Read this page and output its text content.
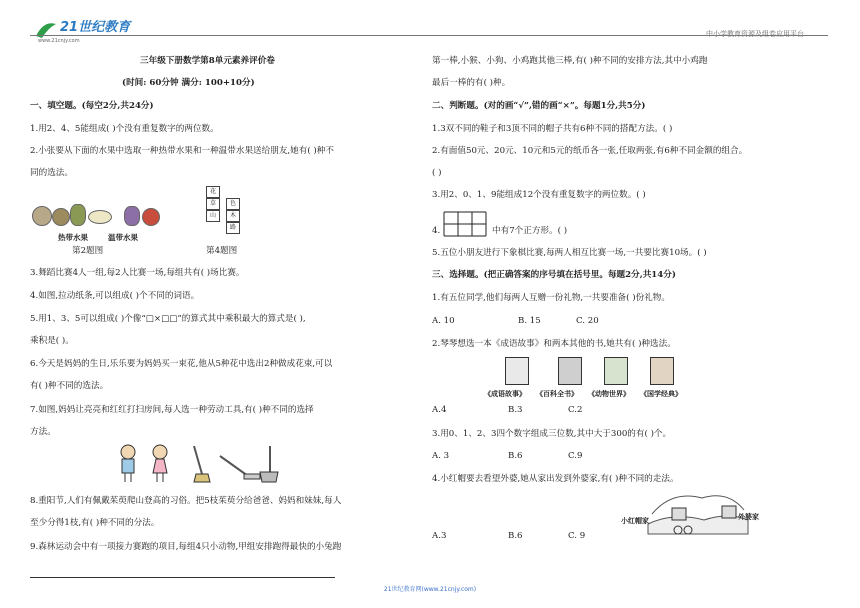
21世纪教育
www.21cnjy.com
中小学教育资源及组卷应用平台
三年级下册数学第8单元素养评价卷
(时间: 60分钟 满分: 100+10分)
一、填空题。(每空2分,共24分)
1.用2、4、5能组成( )个没有重复数字的两位数。
2.小张要从下面的水果中选取一种热带水果和一种温带水果送给朋友,她有( )种不
同的选法。
热带水果	温带水果
第2题图
花
草	色
山	木
路
第4题图
3.舞蹈比赛4人一组,每2人比赛一场,每组共有( )场比赛。
4.如图,拉动纸条,可以组成( )个不同的词语。
5.用1、3、5可以组成( )个像“□×□□”的算式其中乘积最大的算式是( ),
乘积是( )。
6.今天是妈妈的生日,乐乐要为妈妈买一束花,他从5种花中选出2种做成花束,可以
有( )种不同的选法。
7.如图,妈妈让亮亮和红红打扫房间,每人选一种劳动工具,有( )种不同的选择
方法。
8.重阳节,人们有佩戴茱萸爬山登高的习俗。把5枝茱萸分给爸爸、妈妈和妹妹,每人
至少分得1枝,有( )种不同的分法。
9.森林运动会中有一项接力赛跑的项目,每组4只小动物,甲组安排跑得最快的小兔跑
第一棒,小猴、小狗、小鸡跑其他三棒,有( )种不同的安排方法,其中小鸡跑
最后一棒的有( )种。
二、判断题。(对的画“√”,错的画“×”。每题1分,共5分)
1.3双不同的鞋子和3顶不同的帽子共有6种不同的搭配方法。( )
2.有面值50元、20元、10元和5元的纸币各一张,任取两张,有6种不同金额的组合。
( )
3.用2、0、1、9能组成12个没有重复数字的两位数。( )
4.	中有7个正方形。( )
5.五位小朋友进行下象棋比赛,每两人相互比赛一场,一共要比赛10场。( )
三、选择题。(把正确答案的序号填在括号里。每题2分,共14分)
1.有五位同学,他们每两人互赠一份礼物,一共要准备( )份礼物。
A. 10	B. 15	C. 20
2.琴琴想选一本《成语故事》和两本其他的书,她共有( )种选法。
《成语故事》 《百科全书》 《动物世界》 《国学经典》
A.4	B.3	C.2
3.用0、1、2、3四个数字组成三位数,其中大于300的有( )个。
A. 3	B.6	C.9
4.小红帽要去看望外婆,她从家出发到外婆家,有( )种不同的走法。
小红帽家	外婆家
A.3	B.6	C. 9
21世纪教育网(www.21cnjy.com)
